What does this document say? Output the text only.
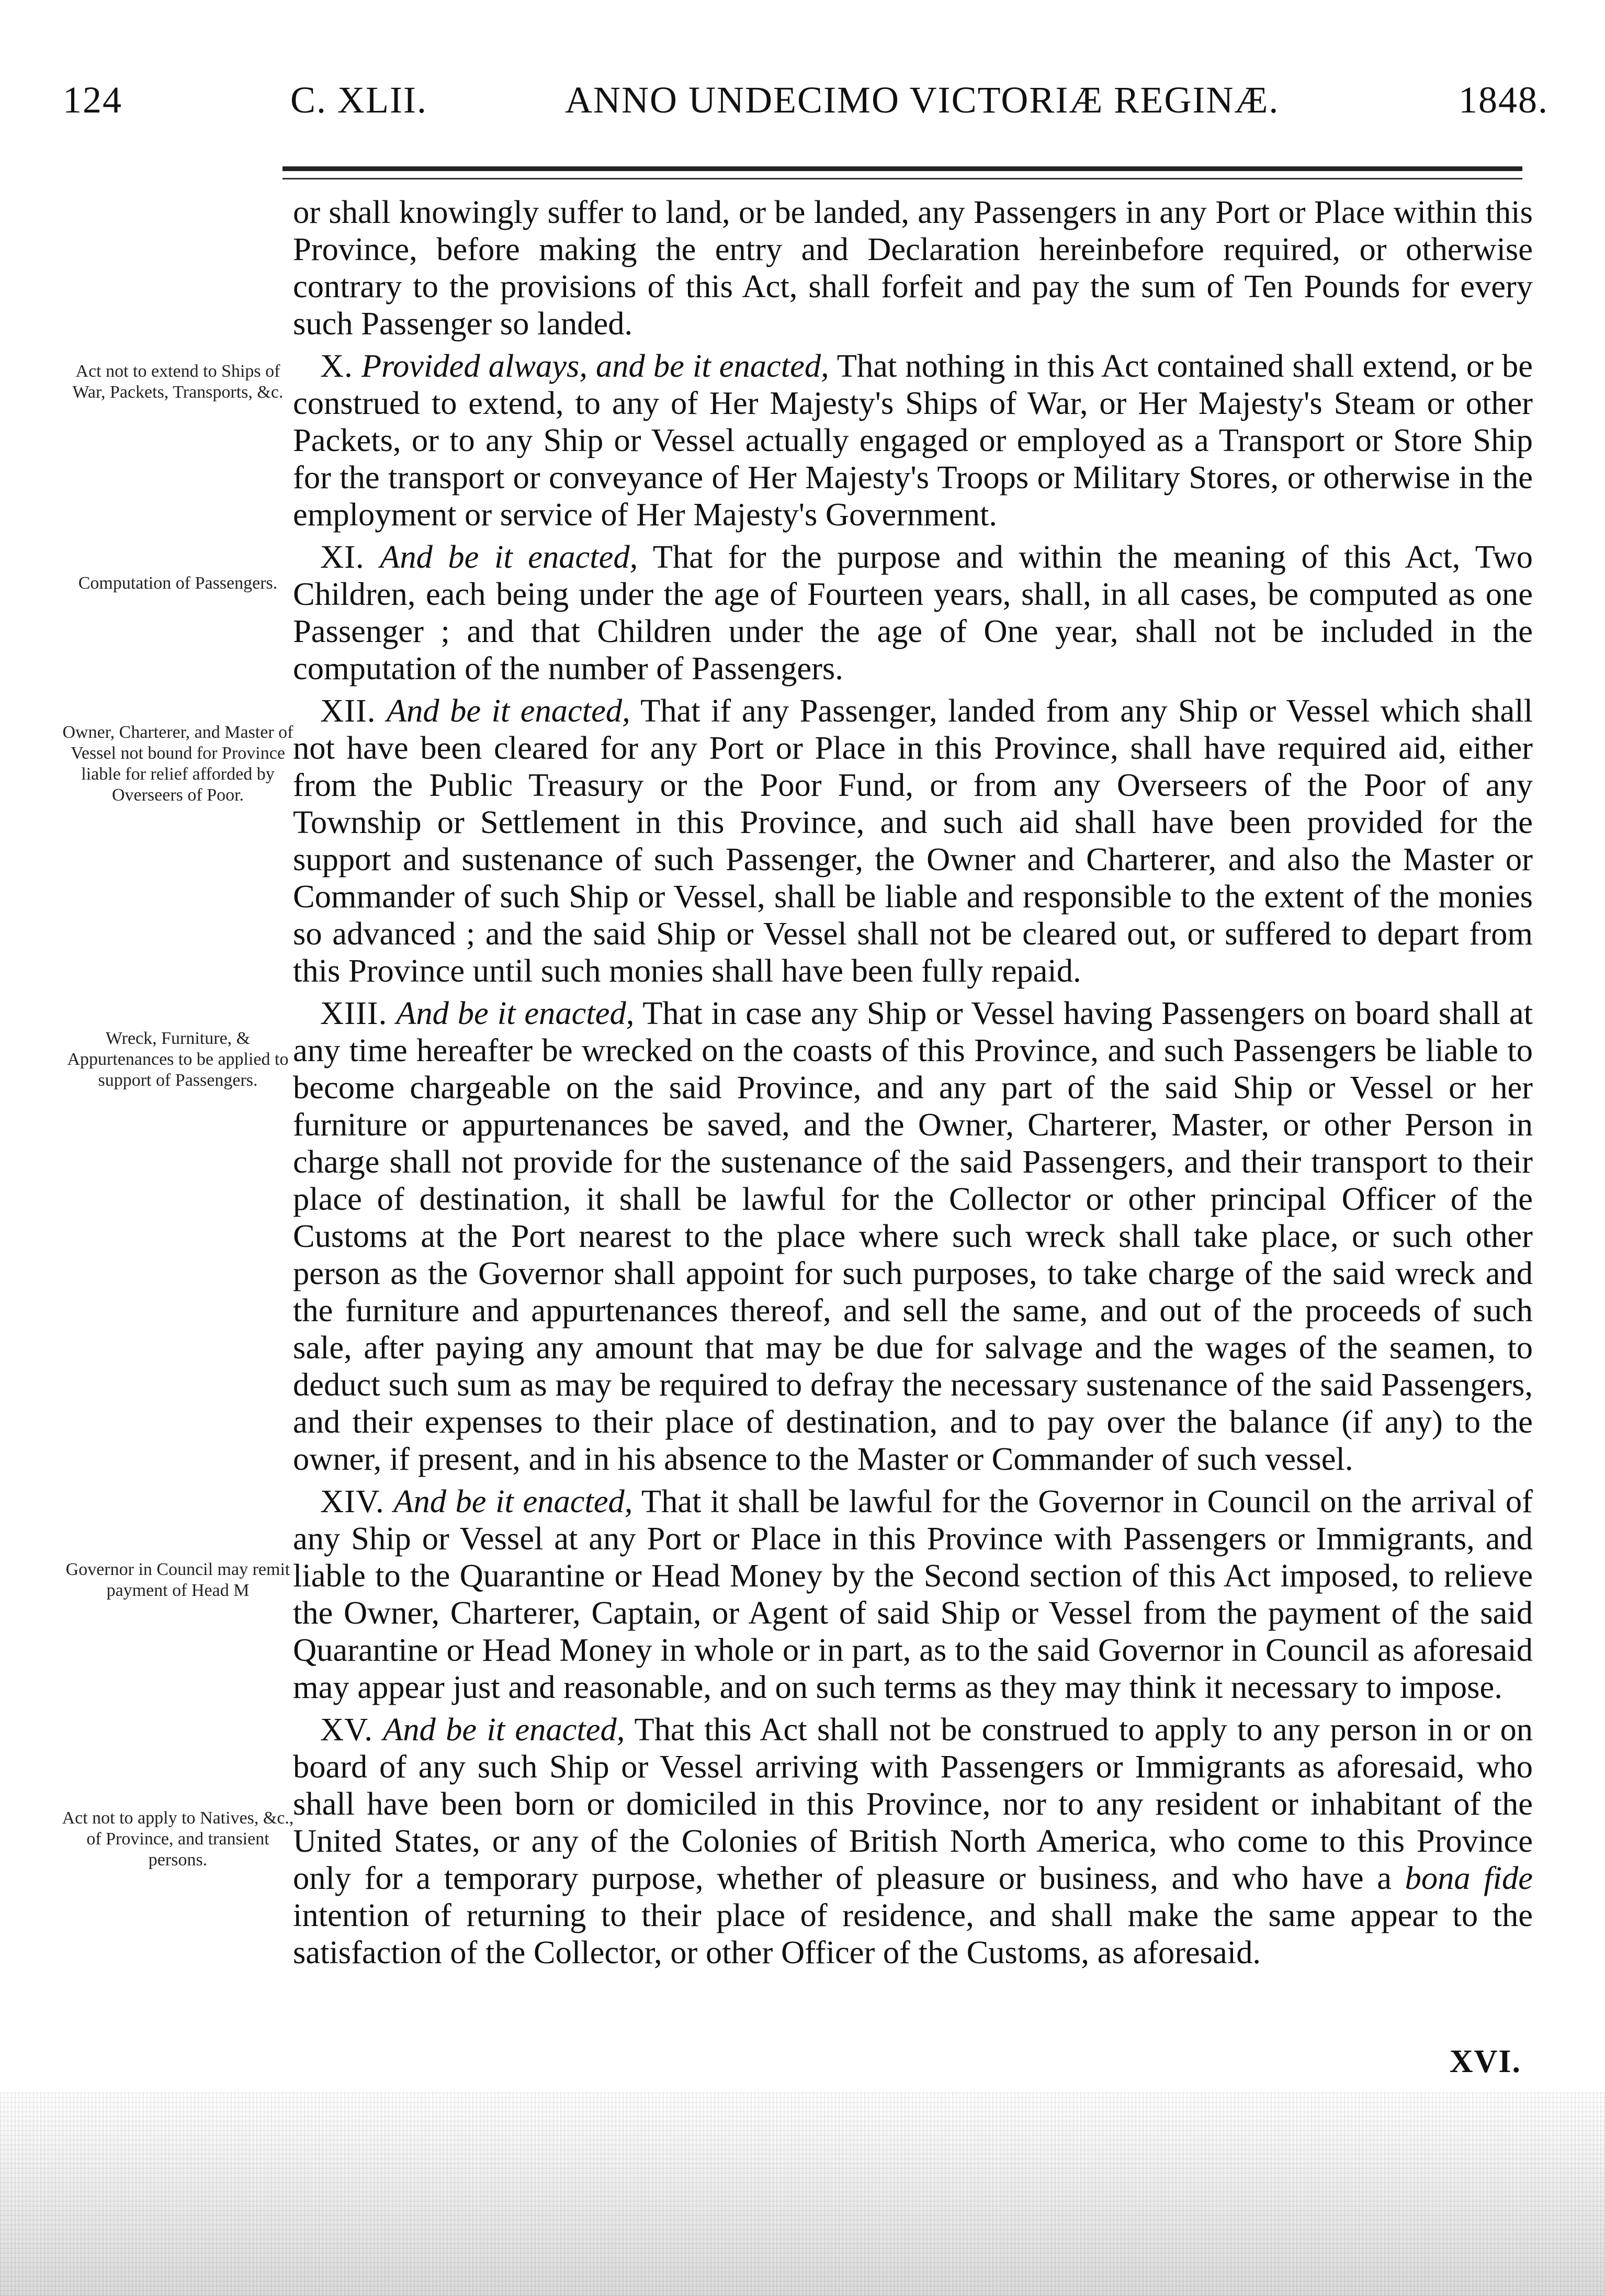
124	C. XLII.	ANNO UNDECIMO VICTORIÆ REGINÆ.	1848.
Act not to extend to Ships of War, Packets, Transports, &c.
Computation of Passengers.
Owner, Charterer, and Master of Vessel not bound for Province liable for relief afforded by Overseers of Poor.
Wreck, Furniture, & Appurtenances to be applied to support of Passengers.
Governor in Council may remit payment of Head M
Act not to apply to Natives, &c., of Province, and transient persons.

or shall knowingly suffer to land, or be landed, any Passengers in any Port or Place within this Province, before making the entry and Declaration hereinbefore required, or otherwise contrary to the provisions of this Act, shall forfeit and pay the sum of Ten Pounds for every such Passenger so landed.

X. Provided always, and be it enacted, That nothing in this Act contained shall extend, or be construed to extend, to any of Her Majesty's Ships of War, or Her Majesty's Steam or other Packets, or to any Ship or Vessel actually engaged or employed as a Transport or Store Ship for the transport or conveyance of Her Majesty's Troops or Military Stores, or otherwise in the employment or service of Her Majesty's Government.

XI. And be it enacted, That for the purpose and within the meaning of this Act, Two Children, each being under the age of Fourteen years, shall, in all cases, be computed as one Passenger ; and that Children under the age of One year, shall not be included in the computation of the number of Passengers.

XII. And be it enacted, That if any Passenger, landed from any Ship or Vessel which shall not have been cleared for any Port or Place in this Province, shall have required aid, either from the Public Treasury or the Poor Fund, or from any Overseers of the Poor of any Township or Settlement in this Province, and such aid shall have been provided for the support and sustenance of such Passenger, the Owner and Charterer, and also the Master or Commander of such Ship or Vessel, shall be liable and responsible to the extent of the monies so advanced ; and the said Ship or Vessel shall not be cleared out, or suffered to depart from this Province until such monies shall have been fully repaid.

XIII. And be it enacted, That in case any Ship or Vessel having Passengers on board shall at any time hereafter be wrecked on the coasts of this Province, and such Passengers be liable to become chargeable on the said Province, and any part of the said Ship or Vessel or her furniture or appurtenances be saved, and the Owner, Charterer, Master, or other Person in charge shall not provide for the sustenance of the said Passengers, and their transport to their place of destination, it shall be lawful for the Collector or other principal Officer of the Customs at the Port nearest to the place where such wreck shall take place, or such other person as the Governor shall appoint for such purposes, to take charge of the said wreck and the furniture and appurtenances thereof, and sell the same, and out of the proceeds of such sale, after paying any amount that may be due for salvage and the wages of the seamen, to deduct such sum as may be required to defray the necessary sustenance of the said Passengers, and their expenses to their place of destination, and to pay over the balance (if any) to the owner, if present, and in his absence to the Master or Commander of such vessel.

XIV. And be it enacted, That it shall be lawful for the Governor in Council on the arrival of any Ship or Vessel at any Port or Place in this Province with Passengers or Immigrants, and liable to the Quarantine or Head Money by the Second section of this Act imposed, to relieve the Owner, Charterer, Captain, or Agent of said Ship or Vessel from the payment of the said Quarantine or Head Money in whole or in part, as to the said Governor in Council as aforesaid may appear just and reasonable, and on such terms as they may think it necessary to impose.

XV. And be it enacted, That this Act shall not be construed to apply to any person in or on board of any such Ship or Vessel arriving with Passengers or Immigrants as aforesaid, who shall have been born or domiciled in this Province, nor to any resident or inhabitant of the United States, or any of the Colonies of British North America, who come to this Province only for a temporary purpose, whether of pleasure or business, and who have a bona fide intention of returning to their place of residence, and shall make the same appear to the satisfaction of the Collector, or other Officer of the Customs, as aforesaid.

XVI.
